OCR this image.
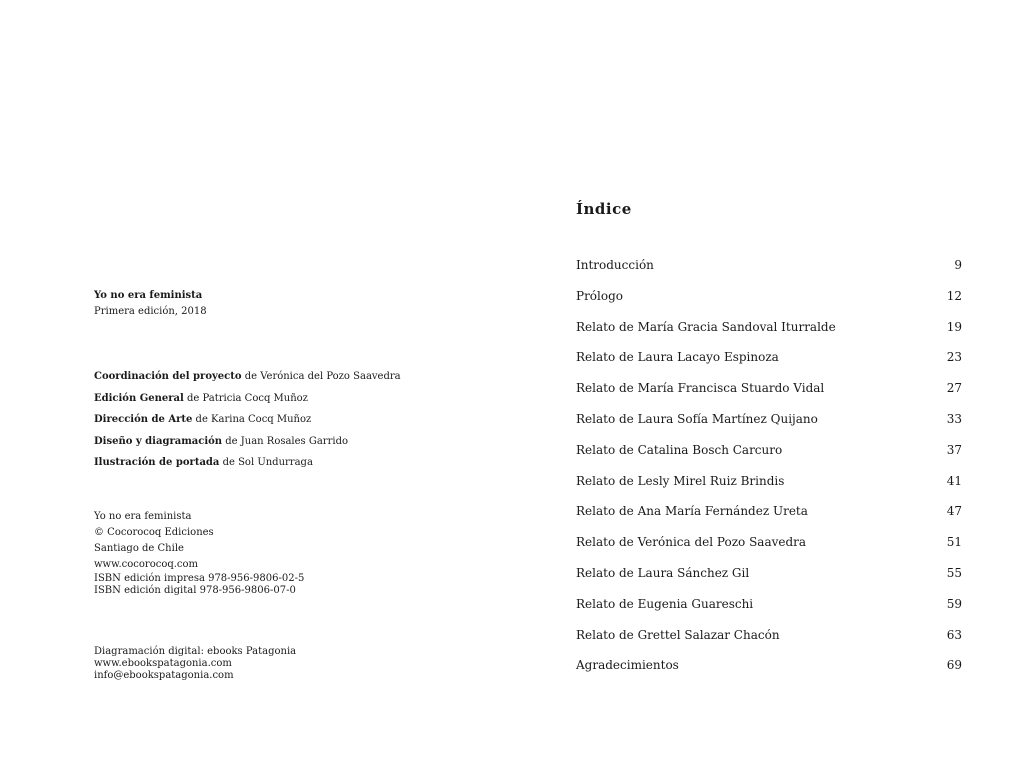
Yo no era feminista
Primera edición, 2018

Coordinación del proyecto de Verónica del Pozo Saavedra
Edición General de Patricia Cocq Muñoz
Dirección de Arte de Karina Cocq Muñoz
Diseño y diagramación de Juan Rosales Garrido
Ilustración de portada de Sol Undurraga

Yo no era feminista
© Cocorocoq Ediciones
Santiago de Chile
www.cocorocoq.com
ISBN edición impresa 978-956-9806-02-5
ISBN edición digital 978-956-9806-07-0

Diagramación digital: ebooks Patagonia
www.ebookspatagonia.com
info@ebookspatagonia.com

Índice
Introducción	9
Prólogo	12
Relato de María Gracia Sandoval Iturralde	19
Relato de Laura Lacayo Espinoza	23
Relato de María Francisca Stuardo Vidal	27
Relato de Laura Sofía Martínez Quijano	33
Relato de Catalina Bosch Carcuro	37
Relato de Lesly Mirel Ruiz Brindis	41
Relato de Ana María Fernández Ureta	47
Relato de Verónica del Pozo Saavedra	51
Relato de Laura Sánchez Gil	55
Relato de Eugenia Guareschi	59
Relato de Grettel Salazar Chacón	63
Agradecimientos	69
